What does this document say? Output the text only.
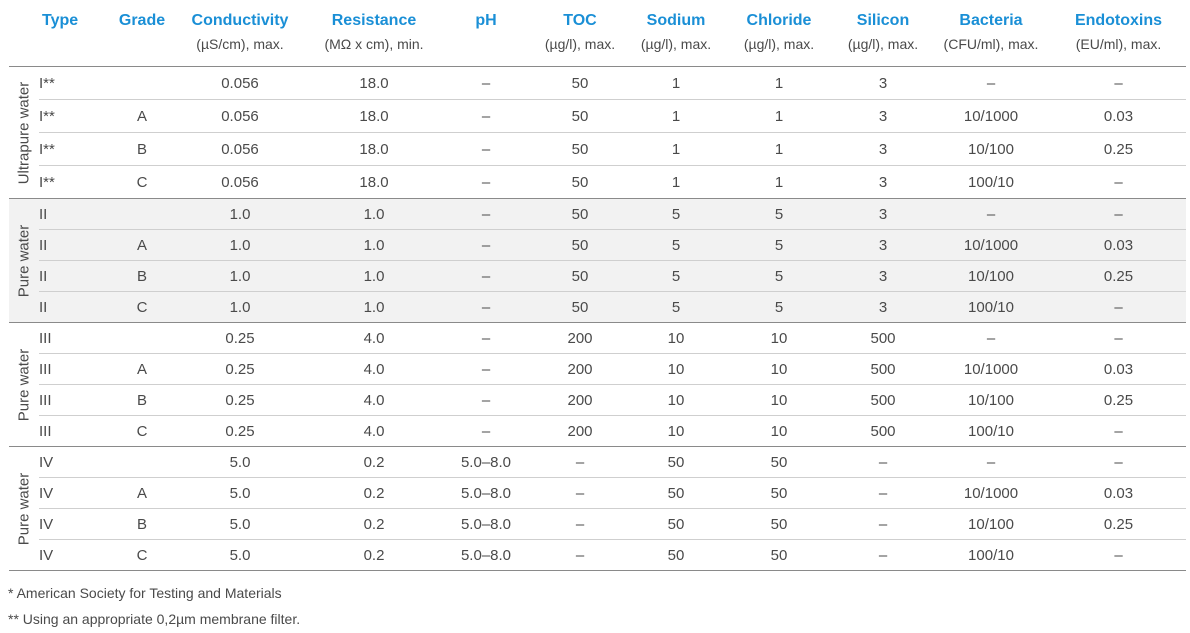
	Type	Grade	Conductivity	Resistance	pH	TOC	Sodium	Chloride	Silicon	Bacteria	Endotoxins
			(µS/cm), max.	(MΩ x cm), min.		(µg/l), max.	(µg/l), max.	(µg/l), max.	(µg/l), max.	(CFU/ml), max.	(EU/ml), max.

Ultrapure water	I**		0.056	18.0	–	50	1	1	3	–	–
	I**	A	0.056	18.0	–	50	1	1	3	10/1000	0.03
	I**	B	0.056	18.0	–	50	1	1	3	10/100	0.25
	I**	C	0.056	18.0	–	50	1	1	3	100/10	–

Pure water	II		1.0	1.0	–	50	5	5	3	–	–
	II	A	1.0	1.0	–	50	5	5	3	10/1000	0.03
	II	B	1.0	1.0	–	50	5	5	3	10/100	0.25
	II	C	1.0	1.0	–	50	5	5	3	100/10	–

Pure water	III		0.25	4.0	–	200	10	10	500	–	–
	III	A	0.25	4.0	–	200	10	10	500	10/1000	0.03
	III	B	0.25	4.0	–	200	10	10	500	10/100	0.25
	III	C	0.25	4.0	–	200	10	10	500	100/10	–

Pure water	IV		5.0	0.2	5.0–8.0	–	50	50	–	–	–
	IV	A	5.0	0.2	5.0–8.0	–	50	50	–	10/1000	0.03
	IV	B	5.0	0.2	5.0–8.0	–	50	50	–	10/100	0.25
	IV	C	5.0	0.2	5.0–8.0	–	50	50	–	100/10	–
* American Society for Testing and Materials
** Using an appropriate 0,2µm membrane filter.
